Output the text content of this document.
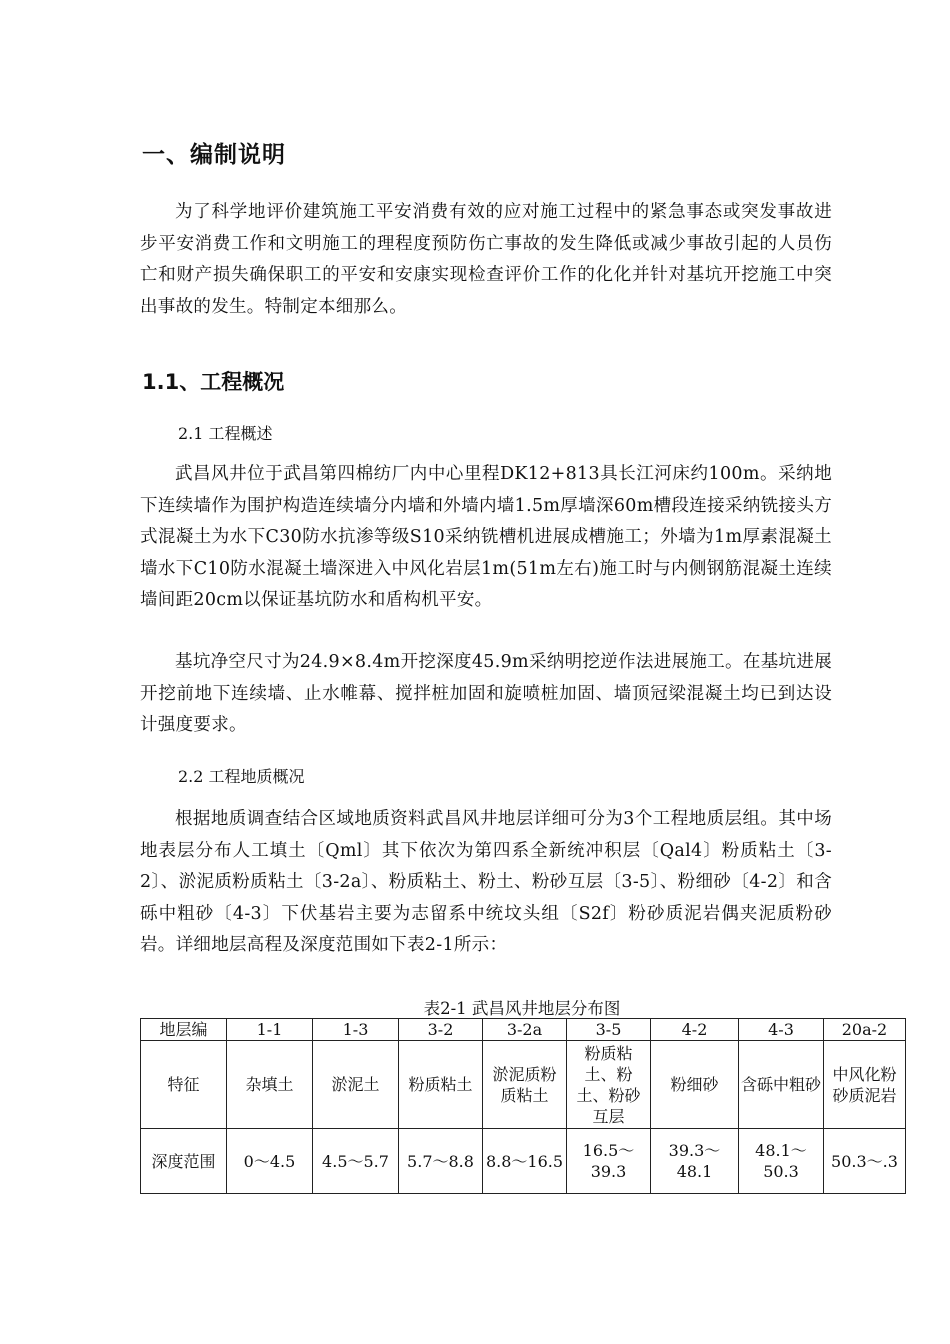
一、编制说明

为了科学地评价建筑施工平安消费有效的应对施工过程中的紧急事态或突发事故进步平安消费工作和文明施工的理程度预防伤亡事故的发生降低或减少事故引起的人员伤亡和财产损失确保职工的平安和安康实现检查评价工作的化化并针对基坑开挖施工中突出事故的发生。特制定本细那么。

1.1、工程概况
2.1 工程概述

武昌风井位于武昌第四棉纺厂内中心里程DK12+813具长江河床约100m。采纳地下连续墙作为围护构造连续墙分内墙和外墙内墙1.5m厚墙深60m槽段连接采纳铣接头方式混凝土为水下C30防水抗渗等级S10采纳铣槽机进展成槽施工；外墙为1m厚素混凝土墙水下C10防水混凝土墙深进入中风化岩层1m(51m左右)施工时与内侧钢筋混凝土连续墙间距20cm以保证基坑防水和盾构机平安。

基坑净空尺寸为24.9×8.4m开挖深度45.9m采纳明挖逆作法进展施工。在基坑进展开挖前地下连续墙、止水帷幕、搅拌桩加固和旋喷桩加固、墙顶冠梁混凝土均已到达设计强度要求。

2.2 工程地质概况

根据地质调查结合区域地质资料武昌风井地层详细可分为3个工程地质层组。其中场地表层分布人工填土〔Qml〕其下依次为第四系全新统冲积层〔Qal4〕粉质粘土〔3-2〕、淤泥质粉质粘土〔3-2a〕、粉质粘土、粉土、粉砂互层〔3-5〕、粉细砂〔4-2〕和含砾中粗砂〔4-3〕下伏基岩主要为志留系中统坟头组〔S2f〕粉砂质泥岩偶夹泥质粉砂岩。详细地层高程及深度范围如下表2-1所示：

表2-1 武昌风井地层分布图
地层编	1-1	1-3	3-2	3-2a	3-5	4-2	4-3	20a-2
特征	杂填土	淤泥土	粉质粘土	淤泥质粉质粘土	粉质粘土、粉土、粉砂互层	粉细砂	含砾中粗砂	中风化粉砂质泥岩
深度范围	0～4.5	4.5～5.7	5.7～8.8	8.8～16.5	16.5～39.3	39.3～48.1	48.1～50.3	50.3～.3
